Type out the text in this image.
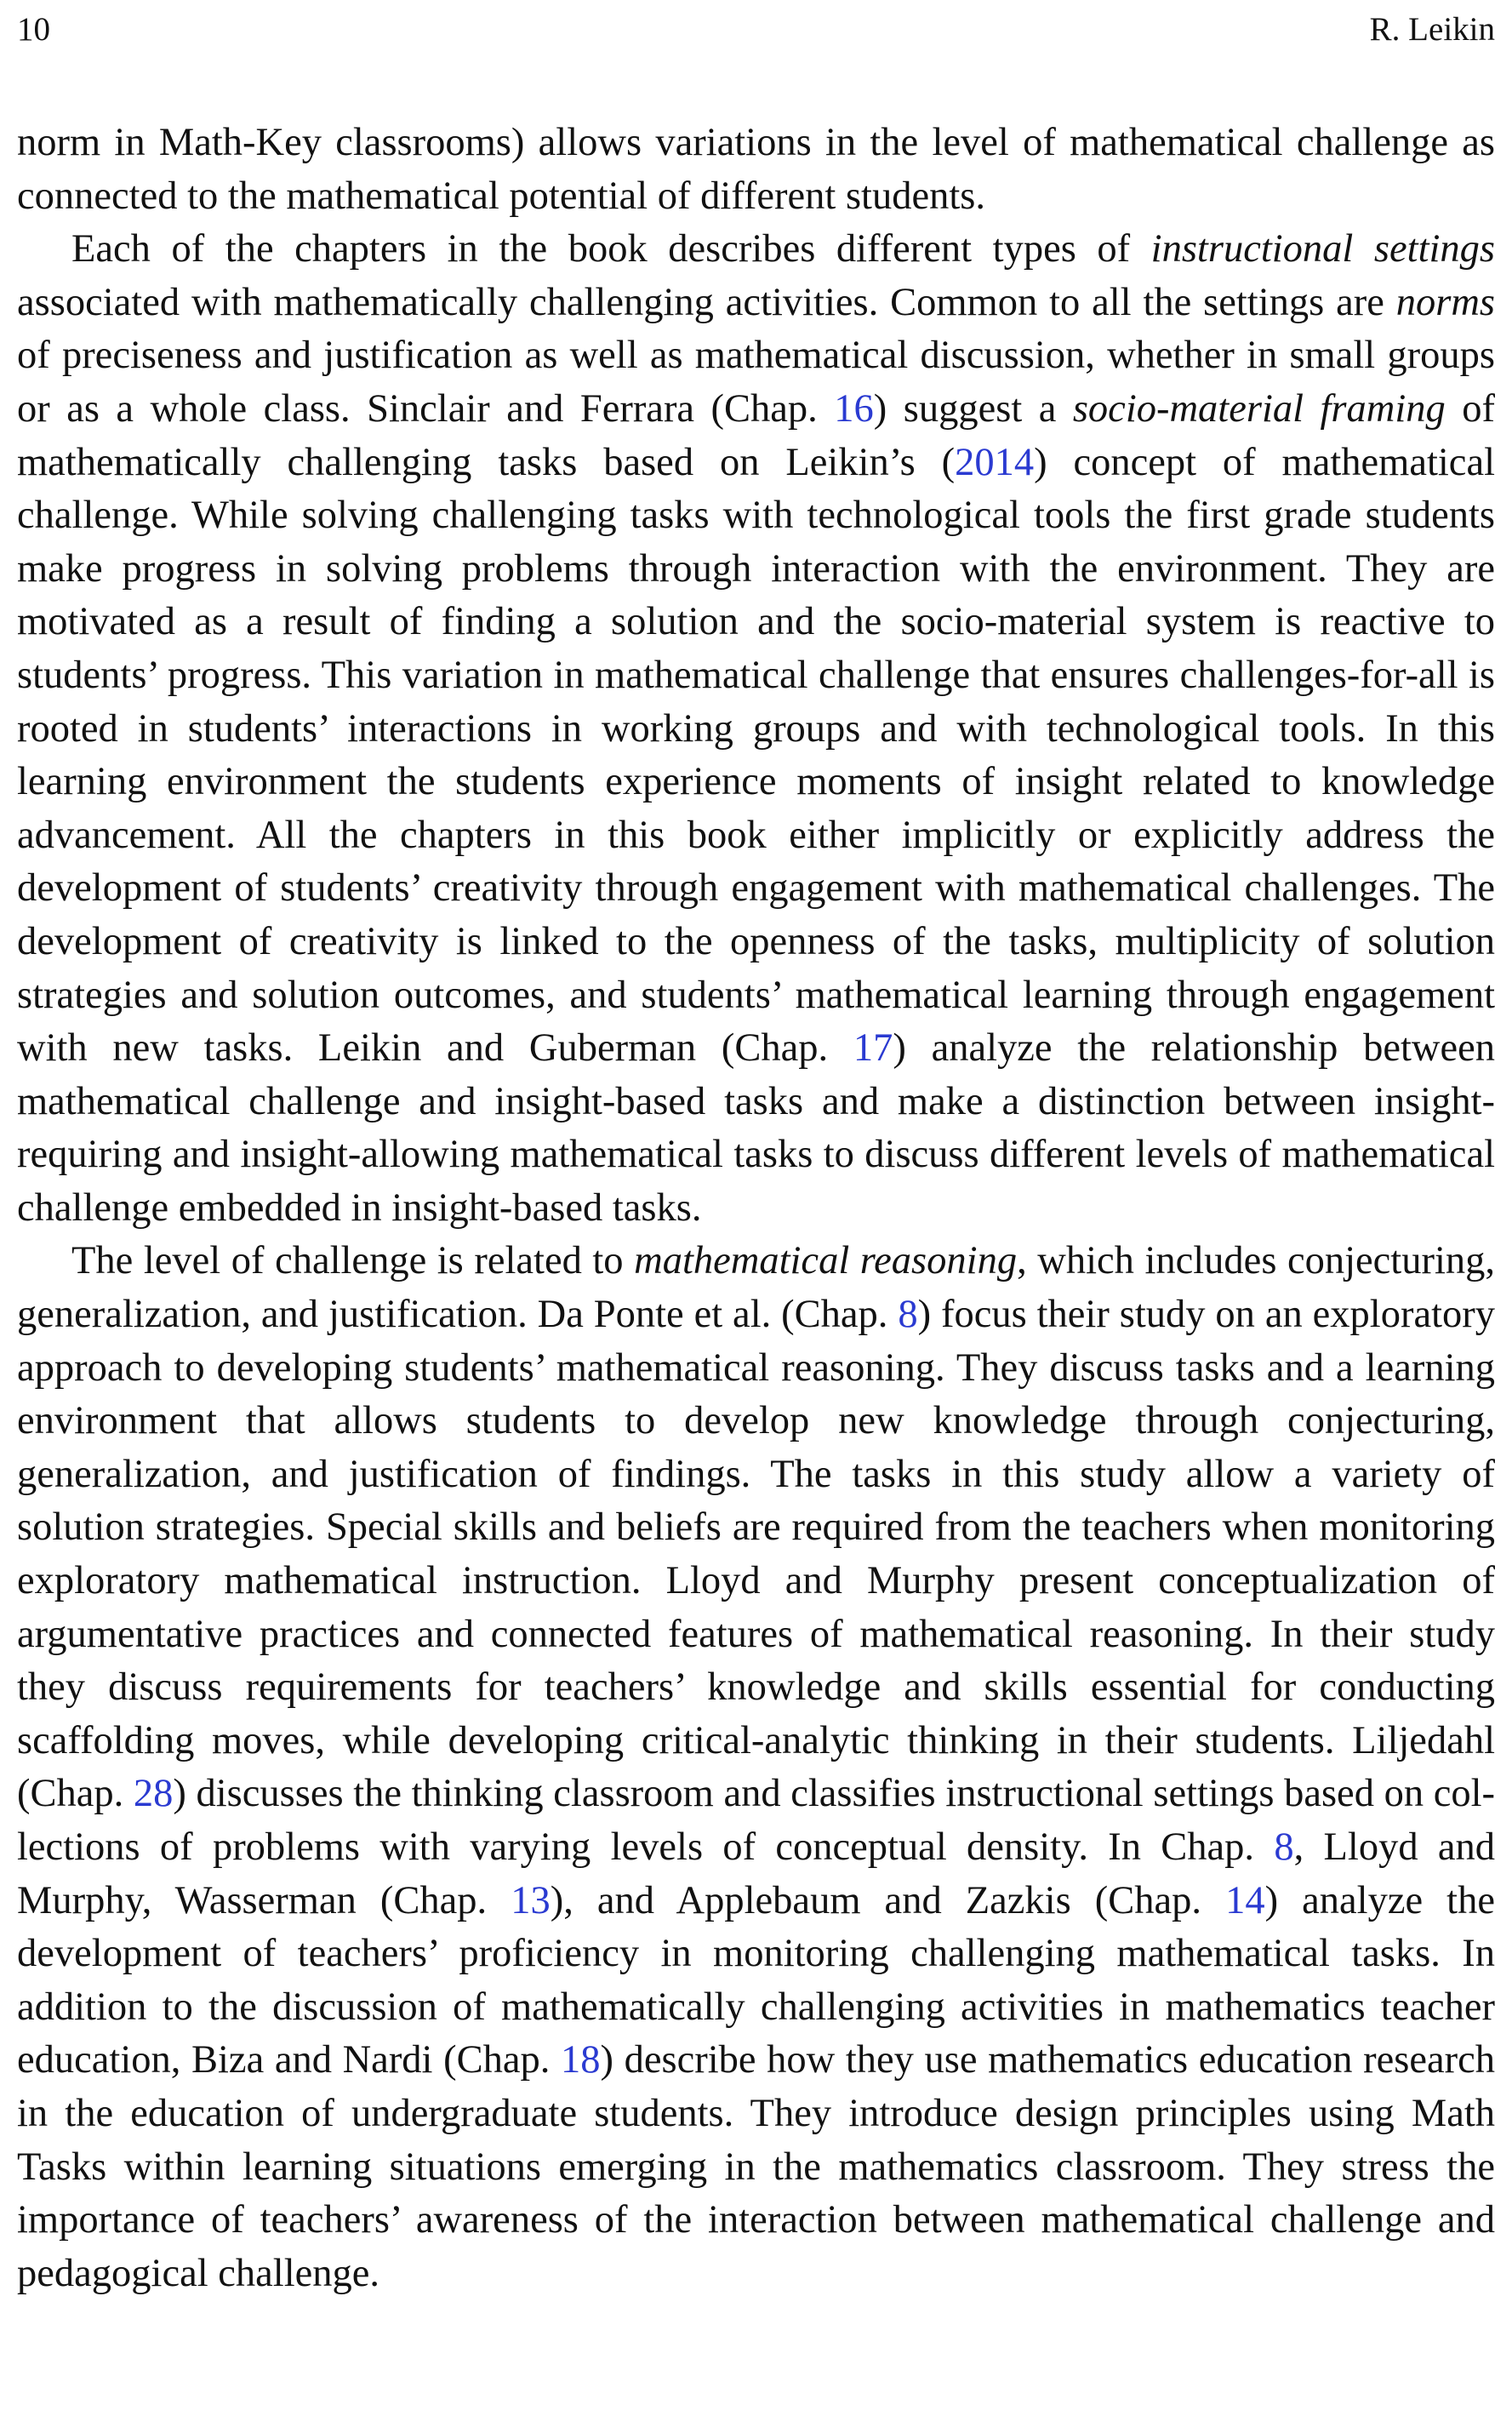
10	R. Leikin

norm in Math-Key classrooms) allows variations in the level of mathematical challenge as connected to the mathematical potential of different students.

Each of the chapters in the book describes different types of instructional settings associated with mathematically challenging activities. Common to all the settings are norms of preciseness and justification as well as mathematical discussion, whether in small groups or as a whole class. Sinclair and Ferrara (Chap. 16) suggest a socio-material framing of mathematically challenging tasks based on Leikin’s (2014) concept of mathematical challenge. While solving challenging tasks with technological tools the first grade students make progress in solving problems through interaction with the environment. They are motivated as a result of finding a solution and the socio-material system is reactive to students’ progress. This variation in mathematical challenge that ensures challenges-for-all is rooted in students’ interactions in working groups and with technological tools. In this learning environment the students experience moments of insight related to knowledge advancement. All the chapters in this book either implicitly or explicitly address the development of students’ creativity through engagement with mathematical challenges. The development of creativity is linked to the openness of the tasks, multiplicity of solution strategies and solution outcomes, and students’ mathematical learning through engagement with new tasks. Leikin and Guberman (Chap. 17) analyze the relationship between mathematical challenge and insight-based tasks and make a distinction between insight-requiring and insight-allowing mathematical tasks to discuss different levels of mathematical challenge embedded in insight-based tasks.

The level of challenge is related to mathematical reasoning, which includes conjecturing, generalization, and justification. Da Ponte et al. (Chap. 8) focus their study on an exploratory approach to developing students’ mathematical reasoning. They discuss tasks and a learning environment that allows students to develop new knowledge through conjecturing, generalization, and justification of findings. The tasks in this study allow a variety of solution strategies. Special skills and beliefs are required from the teachers when monitoring exploratory mathematical instruction. Lloyd and Murphy present conceptualization of argumentative practices and connected features of mathematical reasoning. In their study they discuss requirements for teachers’ knowledge and skills essential for conducting scaffolding moves, while developing critical-analytic thinking in their students. Liljedahl (Chap. 28) discusses the thinking classroom and classifies instructional settings based on collections of problems with varying levels of conceptual density. In Chap. 8, Lloyd and Murphy, Wasserman (Chap. 13), and Applebaum and Zazkis (Chap. 14) analyze the development of teachers’ proficiency in monitoring challenging mathematical tasks. In addition to the discussion of mathematically challenging activities in mathematics teacher education, Biza and Nardi (Chap. 18) describe how they use mathematics education research in the education of undergraduate students. They introduce design principles using Math Tasks within learning situations emerging in the mathematics classroom. They stress the importance of teachers’ awareness of the interaction between mathematical challenge and pedagogical challenge.
